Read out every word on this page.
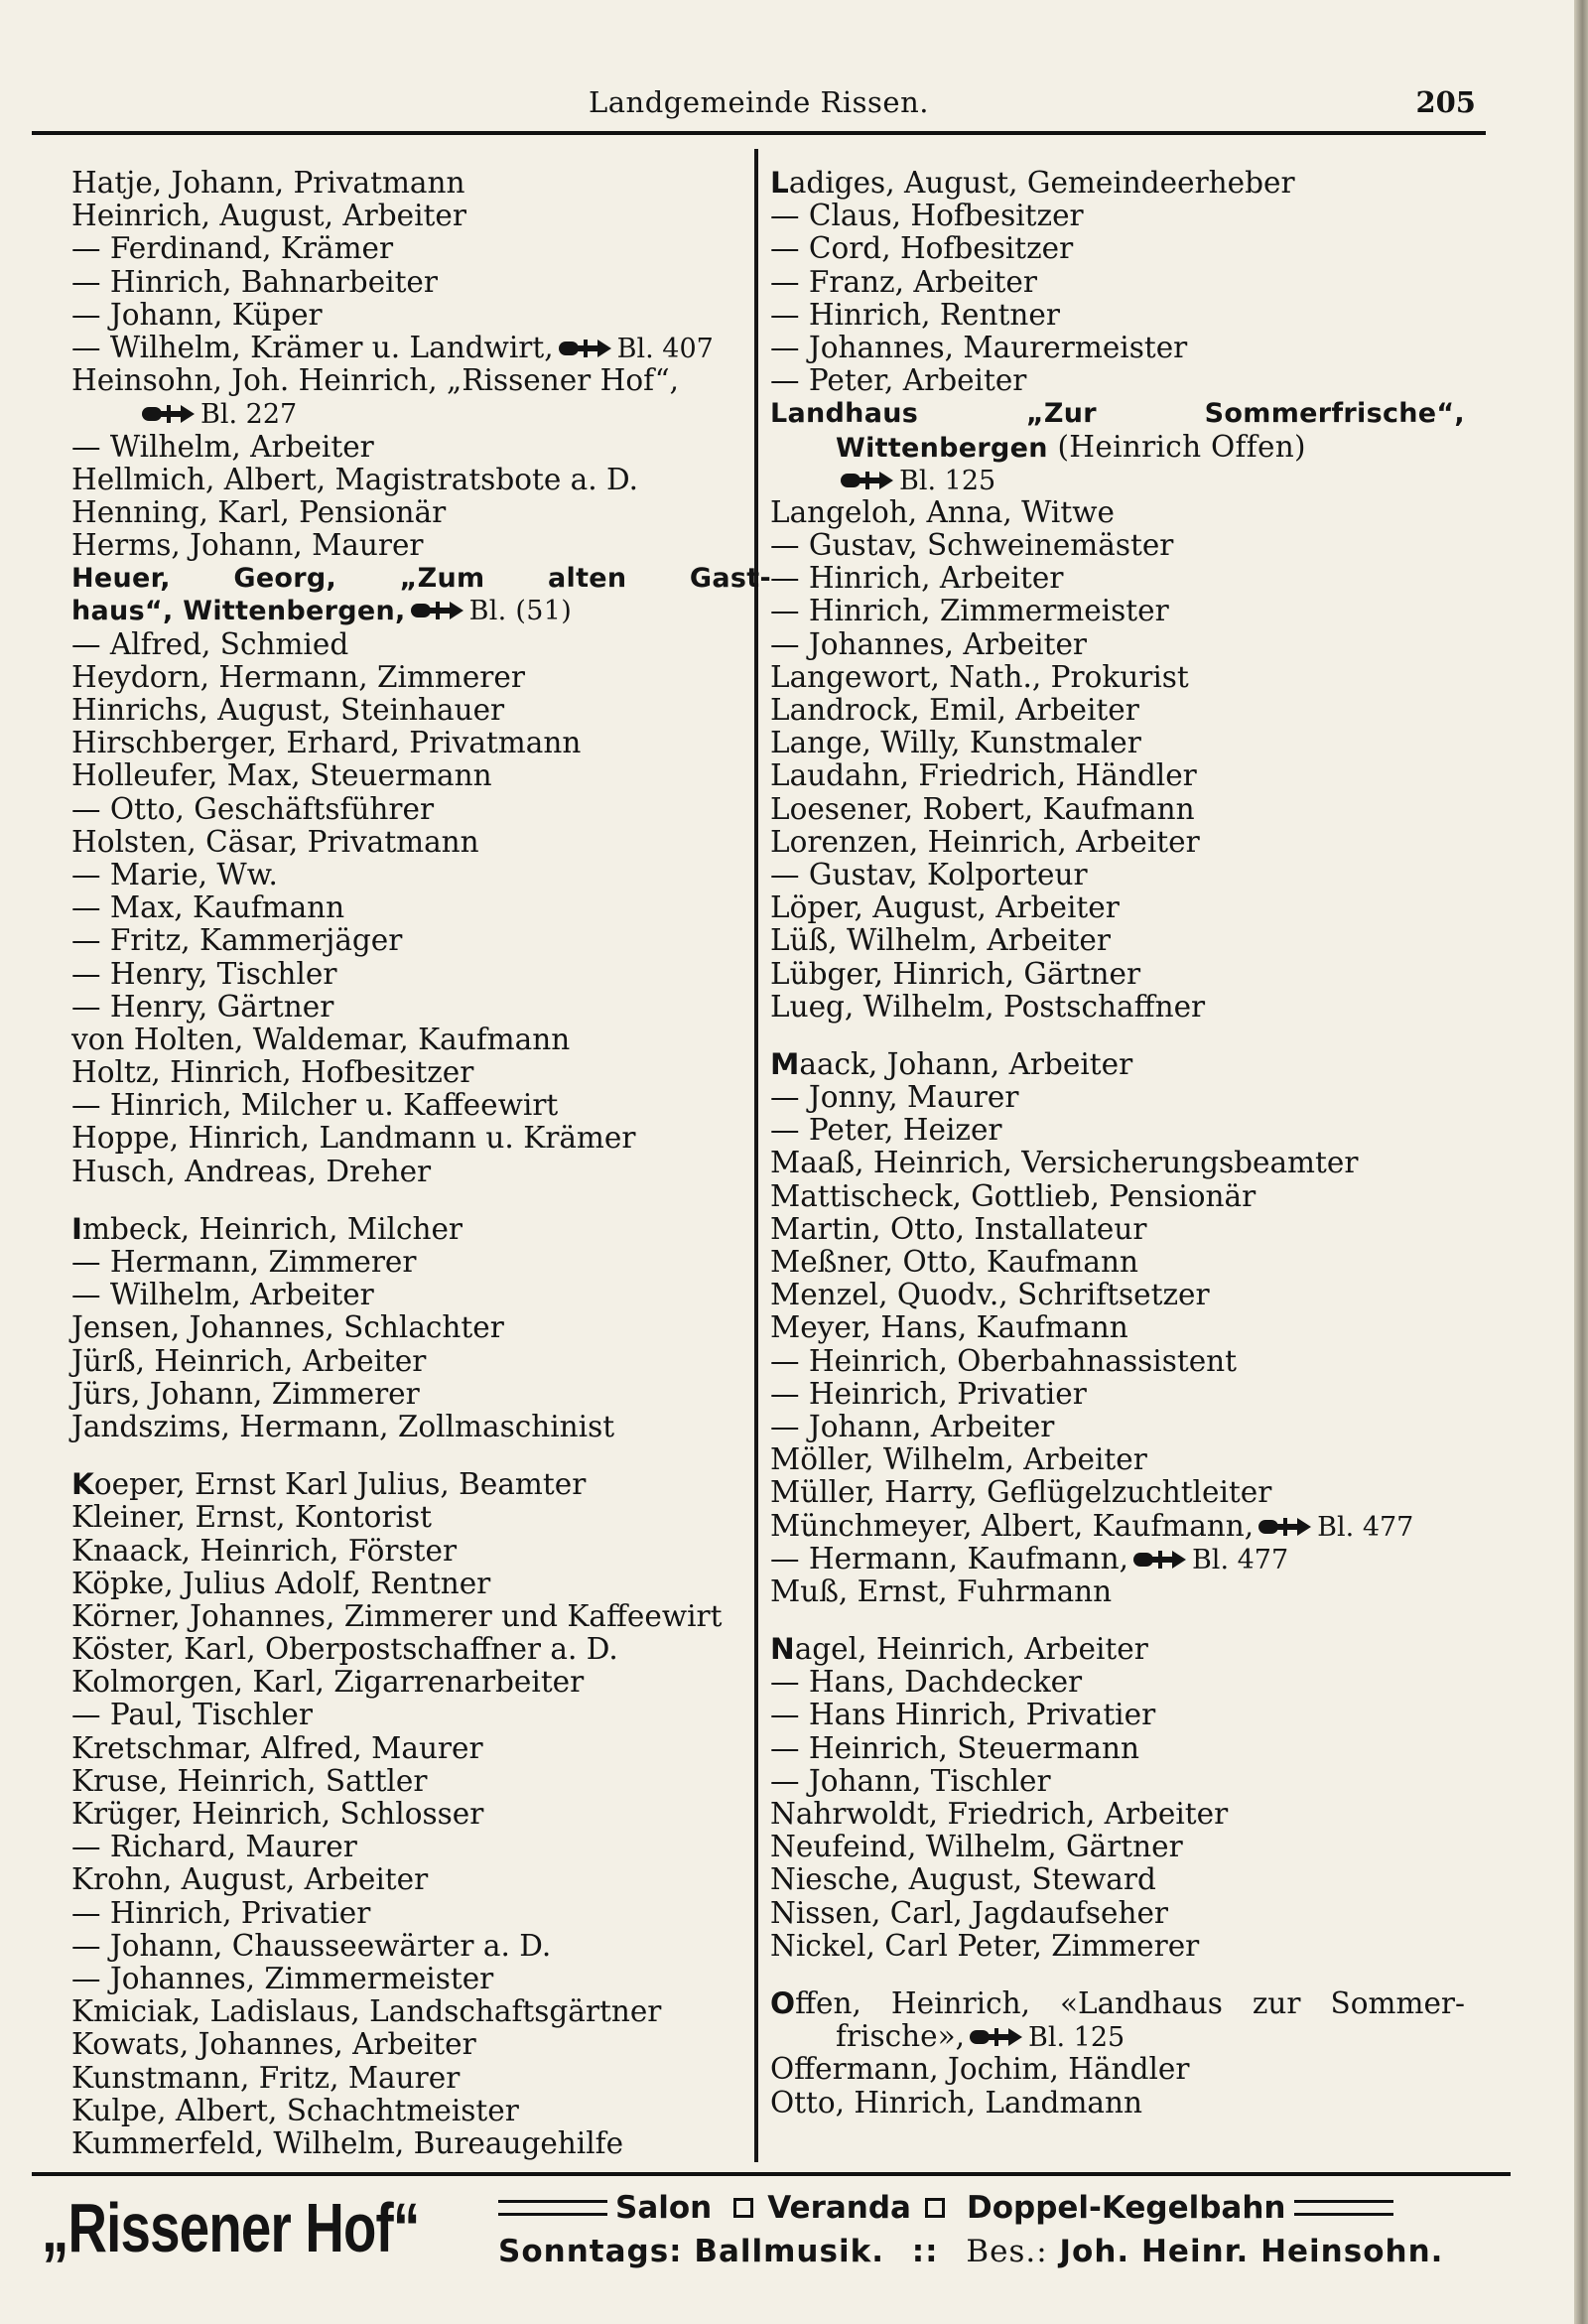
Landgemeinde Rissen.	205
Hatje, Johann, Privatmann
Heinrich, August, Arbeiter
— Ferdinand, Krämer
— Hinrich, Bahnarbeiter
— Johann, Küper
— Wilhelm, Krämer u. Landwirt, Bl. 407
Heinsohn, Joh. Heinrich, „Rissener Hof“,
Bl. 227
— Wilhelm, Arbeiter
Hellmich, Albert, Magistratsbote a. D.
Henning, Karl, Pensionär
Herms, Johann, Maurer
Heuer, Georg, „Zum alten Gast-
haus“, Wittenbergen, Bl. (51)
— Alfred, Schmied
Heydorn, Hermann, Zimmerer
Hinrichs, August, Steinhauer
Hirschberger, Erhard, Privatmann
Holleufer, Max, Steuermann
— Otto, Geschäftsführer
Holsten, Cäsar, Privatmann
— Marie, Ww.
— Max, Kaufmann
— Fritz, Kammerjäger
— Henry, Tischler
— Henry, Gärtner
von Holten, Waldemar, Kaufmann
Holtz, Hinrich, Hofbesitzer
— Hinrich, Milcher u. Kaffeewirt
Hoppe, Hinrich, Landmann u. Krämer
Husch, Andreas, Dreher
Imbeck, Heinrich, Milcher
— Hermann, Zimmerer
— Wilhelm, Arbeiter
Jensen, Johannes, Schlachter
Jürß, Heinrich, Arbeiter
Jürs, Johann, Zimmerer
Jandszims, Hermann, Zollmaschinist
Koeper, Ernst Karl Julius, Beamter
Kleiner, Ernst, Kontorist
Knaack, Heinrich, Förster
Köpke, Julius Adolf, Rentner
Körner, Johannes, Zimmerer und Kaffeewirt
Köster, Karl, Oberpostschaffner a. D.
Kolmorgen, Karl, Zigarrenarbeiter
— Paul, Tischler
Kretschmar, Alfred, Maurer
Kruse, Heinrich, Sattler
Krüger, Heinrich, Schlosser
— Richard, Maurer
Krohn, August, Arbeiter
— Hinrich, Privatier
— Johann, Chausseewärter a. D.
— Johannes, Zimmermeister
Kmiciak, Ladislaus, Landschaftsgärtner
Kowats, Johannes, Arbeiter
Kunstmann, Fritz, Maurer
Kulpe, Albert, Schachtmeister
Kummerfeld, Wilhelm, Bureaugehilfe
Ladiges, August, Gemeindeerheber
— Claus, Hofbesitzer
— Cord, Hofbesitzer
— Franz, Arbeiter
— Hinrich, Rentner
— Johannes, Maurermeister
— Peter, Arbeiter
Landhaus „Zur Sommerfrische“,
Wittenbergen (Heinrich Offen)
Bl. 125
Langeloh, Anna, Witwe
— Gustav, Schweinemäster
— Hinrich, Arbeiter
— Hinrich, Zimmermeister
— Johannes, Arbeiter
Langewort, Nath., Prokurist
Landrock, Emil, Arbeiter
Lange, Willy, Kunstmaler
Laudahn, Friedrich, Händler
Loesener, Robert, Kaufmann
Lorenzen, Heinrich, Arbeiter
— Gustav, Kolporteur
Löper, August, Arbeiter
Lüß, Wilhelm, Arbeiter
Lübger, Hinrich, Gärtner
Lueg, Wilhelm, Postschaffner
Maack, Johann, Arbeiter
— Jonny, Maurer
— Peter, Heizer
Maaß, Heinrich, Versicherungsbeamter
Mattischeck, Gottlieb, Pensionär
Martin, Otto, Installateur
Meßner, Otto, Kaufmann
Menzel, Quodv., Schriftsetzer
Meyer, Hans, Kaufmann
— Heinrich, Oberbahnassistent
— Heinrich, Privatier
— Johann, Arbeiter
Möller, Wilhelm, Arbeiter
Müller, Harry, Geflügelzuchtleiter
Münchmeyer, Albert, Kaufmann, Bl. 477
— Hermann, Kaufmann, Bl. 477
Muß, Ernst, Fuhrmann
Nagel, Heinrich, Arbeiter
— Hans, Dachdecker
— Hans Hinrich, Privatier
— Heinrich, Steuermann
— Johann, Tischler
Nahrwoldt, Friedrich, Arbeiter
Neufeind, Wilhelm, Gärtner
Niesche, August, Steward
Nissen, Carl, Jagdaufseher
Nickel, Carl Peter, Zimmerer
Offen, Heinrich, «Landhaus zur Sommer-
frische», Bl. 125
Offermann, Jochim, Händler
Otto, Hinrich, Landmann
„Rissener Hof“	Salon Veranda Doppel-Kegelbahn
Sonntags: Ballmusik. :: Bes.: Joh. Heinr. Heinsohn.
